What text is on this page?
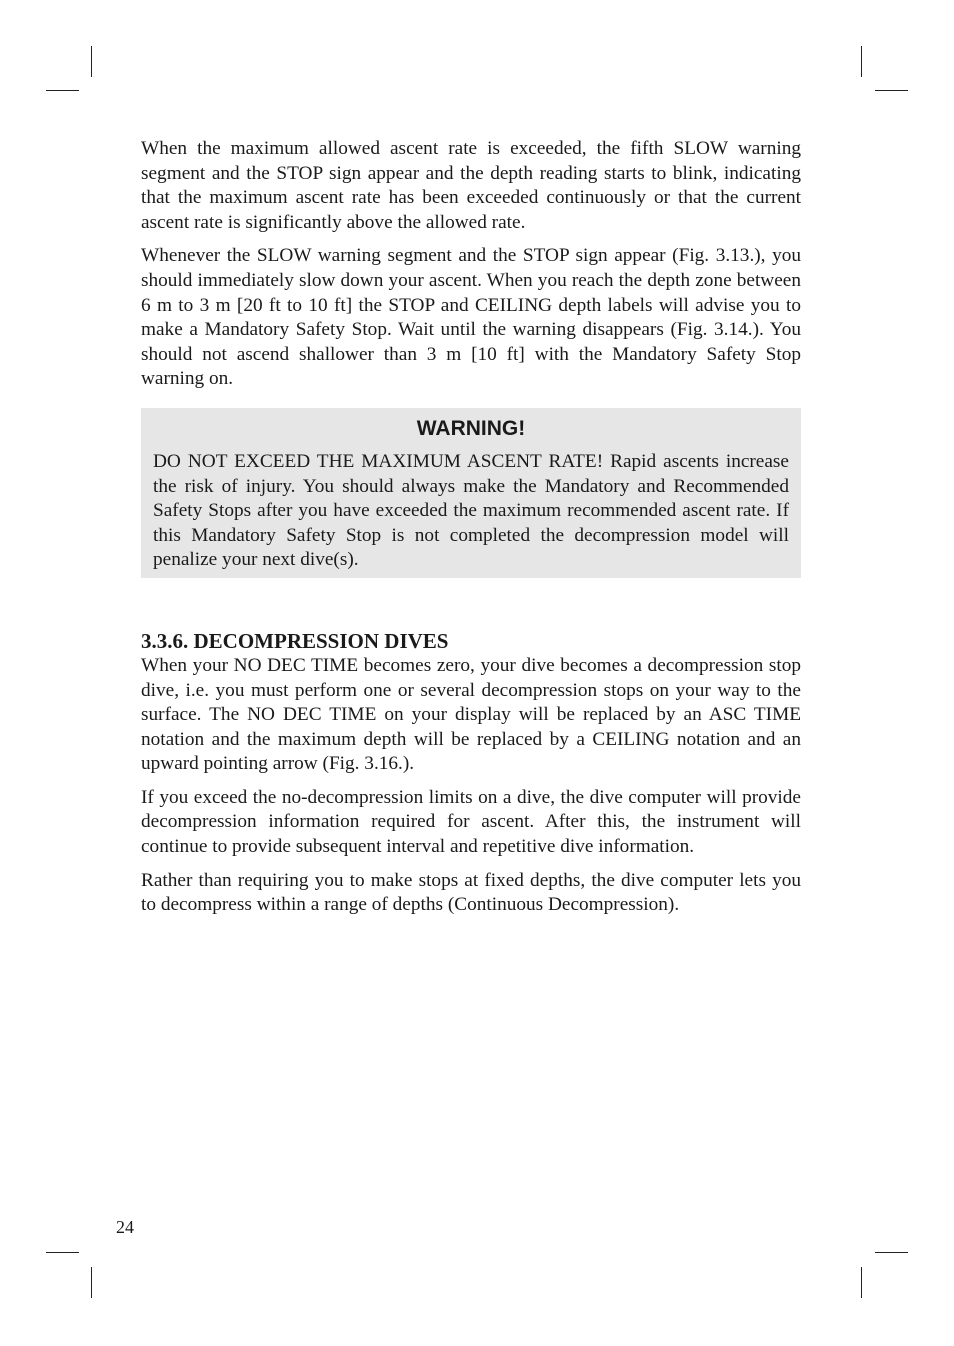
When the maximum allowed ascent rate is exceeded, the fifth SLOW warning segment and the STOP sign appear and the depth reading starts to blink, indicating that the maximum ascent rate has been exceeded continuously or that the current ascent rate is significantly above the allowed rate.

Whenever the SLOW warning segment and the STOP sign appear (Fig. 3.13.), you should immediately slow down your ascent. When you reach the depth zone between 6 m to 3 m [20 ft to 10 ft] the STOP and CEILING depth labels will advise you to make a Mandatory Safety Stop. Wait until the warning disappears (Fig. 3.14.). You should not ascend shallower than 3 m [10 ft] with the Mandatory Safety Stop warning on.

WARNING!

DO NOT EXCEED THE MAXIMUM ASCENT RATE! Rapid ascents increase the risk of injury. You should always make the Mandatory and Recommended Safety Stops after you have exceeded the maximum recommended ascent rate. If this Mandatory Safety Stop is not completed the decompression model will penalize your next dive(s).

3.3.6. DECOMPRESSION DIVES

When your NO DEC TIME becomes zero, your dive becomes a decompression stop dive, i.e. you must perform one or several decompression stops on your way to the surface. The NO DEC TIME on your display will be replaced by an ASC TIME notation and the maximum depth will be replaced by a CEILING notation and an upward pointing arrow (Fig. 3.16.).

If you exceed the no-decompression limits on a dive, the dive computer will provide decompression information required for ascent. After this, the instrument will continue to provide subsequent interval and repetitive dive information.

Rather than requiring you to make stops at fixed depths, the dive computer lets you to decompress within a range of depths (Continuous Decompression).

24
